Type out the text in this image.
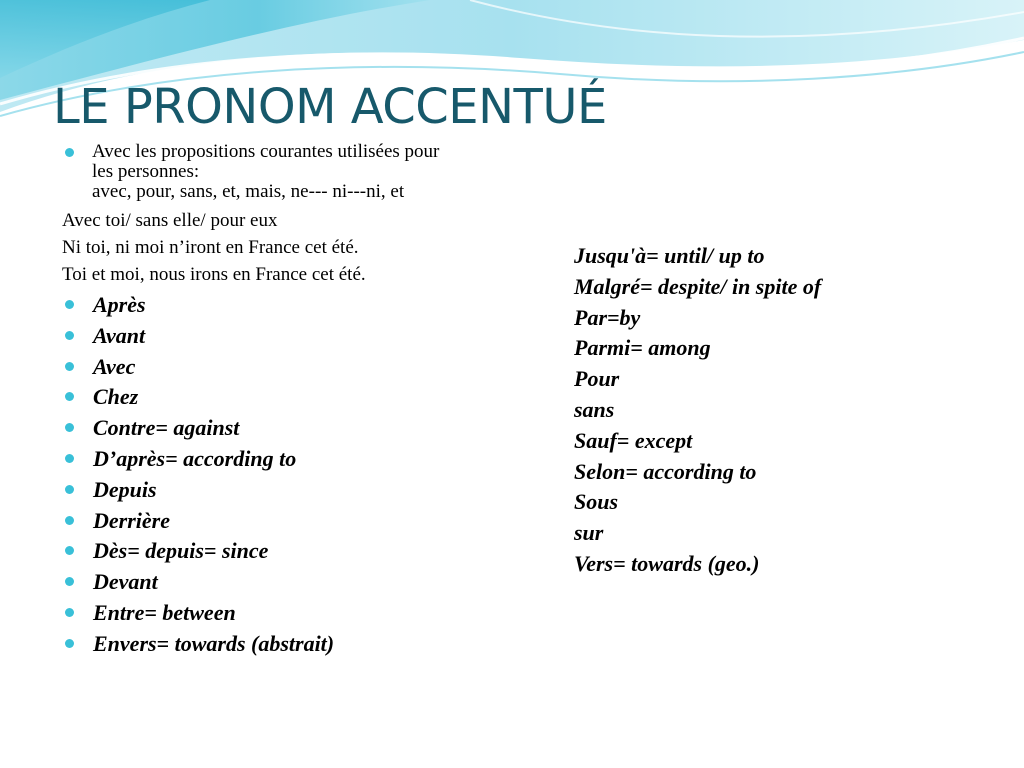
LE PRONOM ACCENTUÉ
Avec les propositions courantes utilisées pour
les personnes:
avec, pour, sans, et, mais, ne--- ni---ni, et
Avec toi/ sans elle/ pour eux
Ni toi, ni moi n’iront en France cet été.
Toi et moi, nous irons en France cet été.
Après
Avant
Avec
Chez
Contre= against
D’après= according to
Depuis
Derrière
Dès= depuis= since
Devant
Entre= between
Envers= towards (abstrait)
Jusqu'à= until/ up to
Malgré= despite/ in spite of
Par=by
Parmi= among
Pour
sans
Sauf= except
Selon= according to
Sous
sur
Vers= towards (geo.)
